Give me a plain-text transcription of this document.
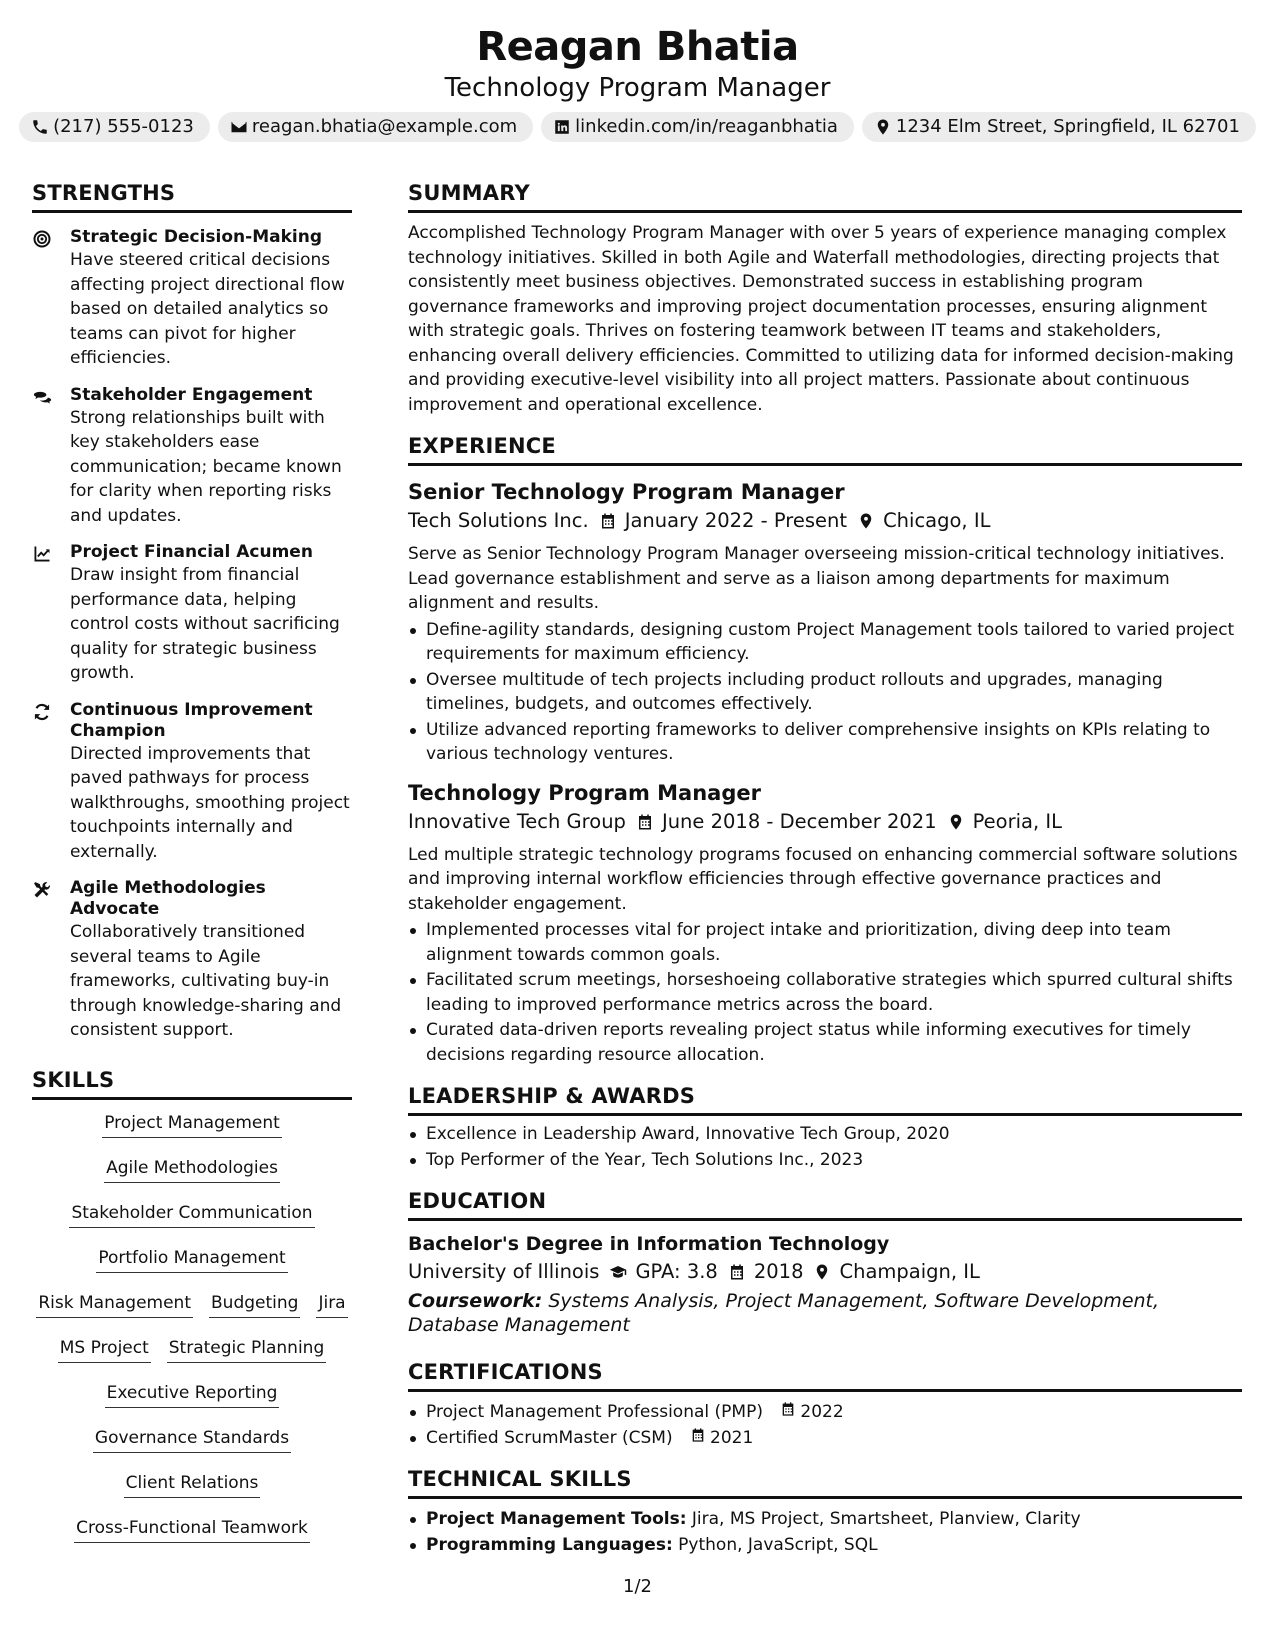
Reagan Bhatia
Technology Program Manager
(217) 555-0123	reagan.bhatia@example.com	linkedin.com/in/reaganbhatia	1234 Elm Street, Springfield, IL 62701
STRENGTHS
Strategic Decision-Making
Have steered critical decisions affecting project directional flow based on detailed analytics so teams can pivot for higher efficiencies.
Stakeholder Engagement
Strong relationships built with key stakeholders ease communication; became known for clarity when reporting risks and updates.
Project Financial Acumen
Draw insight from financial performance data, helping control costs without sacrificing quality for strategic business growth.
Continuous Improvement Champion
Directed improvements that paved pathways for process walkthroughs, smoothing project touchpoints internally and externally.
Agile Methodologies Advocate
Collaboratively transitioned several teams to Agile frameworks, cultivating buy-in through knowledge-sharing and consistent support.
SKILLS
Project Management
Agile Methodologies
Stakeholder Communication
Portfolio Management
Risk Management Budgeting Jira
MS Project Strategic Planning
Executive Reporting
Governance Standards
Client Relations
Cross-Functional Teamwork
SUMMARY
Accomplished Technology Program Manager with over 5 years of experience managing complex technology initiatives. Skilled in both Agile and Waterfall methodologies, directing projects that consistently meet business objectives. Demonstrated success in establishing program governance frameworks and improving project documentation processes, ensuring alignment with strategic goals. Thrives on fostering teamwork between IT teams and stakeholders, enhancing overall delivery efficiencies. Committed to utilizing data for informed decision-making and providing executive-level visibility into all project matters. Passionate about continuous improvement and operational excellence.
EXPERIENCE
Senior Technology Program Manager
Tech Solutions Inc. January 2022 - Present Chicago, IL
Serve as Senior Technology Program Manager overseeing mission-critical technology initiatives. Lead governance establishment and serve as a liaison among departments for maximum alignment and results.
Define-agility standards, designing custom Project Management tools tailored to varied project requirements for maximum efficiency.
Oversee multitude of tech projects including product rollouts and upgrades, managing timelines, budgets, and outcomes effectively.
Utilize advanced reporting frameworks to deliver comprehensive insights on KPIs relating to various technology ventures.
Technology Program Manager
Innovative Tech Group June 2018 - December 2021 Peoria, IL
Led multiple strategic technology programs focused on enhancing commercial software solutions and improving internal workflow efficiencies through effective governance practices and stakeholder engagement.
Implemented processes vital for project intake and prioritization, diving deep into team alignment towards common goals.
Facilitated scrum meetings, horseshoeing collaborative strategies which spurred cultural shifts leading to improved performance metrics across the board.
Curated data-driven reports revealing project status while informing executives for timely decisions regarding resource allocation.
LEADERSHIP & AWARDS
Excellence in Leadership Award, Innovative Tech Group, 2020
Top Performer of the Year, Tech Solutions Inc., 2023
EDUCATION
Bachelor's Degree in Information Technology
University of Illinois GPA: 3.8 2018 Champaign, IL
Coursework: Systems Analysis, Project Management, Software Development, Database Management
CERTIFICATIONS
Project Management Professional (PMP) 2022
Certified ScrumMaster (CSM) 2021
TECHNICAL SKILLS
Project Management Tools: Jira, MS Project, Smartsheet, Planview, Clarity
Programming Languages: Python, JavaScript, SQL
1/2
